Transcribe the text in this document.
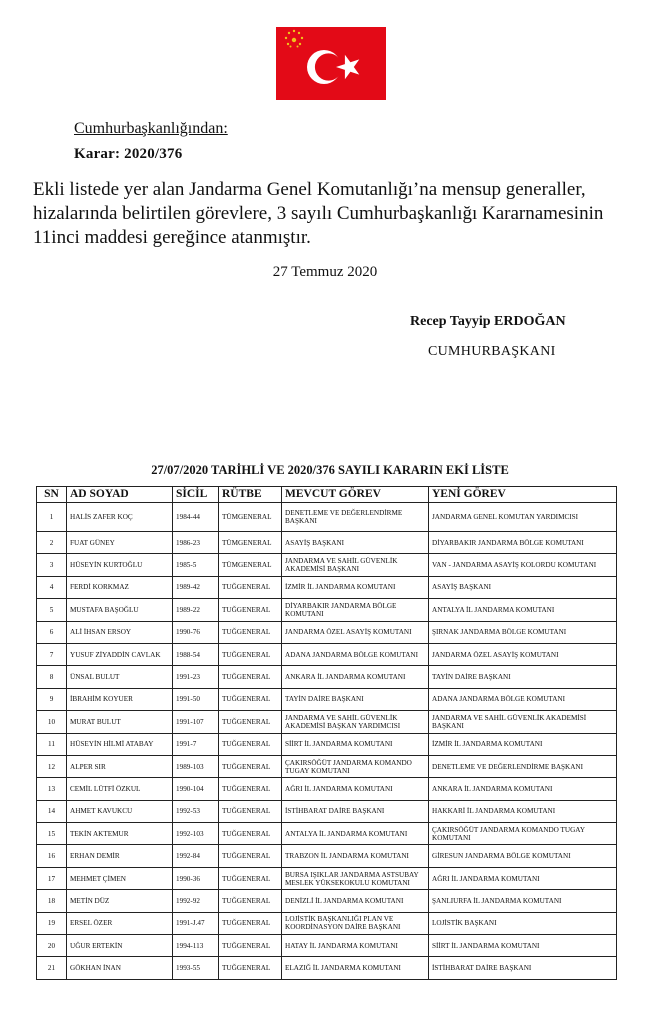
Cumhurbaşkanlığından:
Karar: 2020/376
Ekli listede yer alan Jandarma Genel Komutanlığı’na mensup generaller, hizalarında belirtilen görevlere, 3 sayılı Cumhurbaşkanlığı Kararnamesinin 11inci maddesi gereğince atanmıştır.
27 Temmuz 2020
Recep Tayyip ERDOĞAN
CUMHURBAŞKANI
27/07/2020 TARİHLİ VE 2020/376 SAYILI KARARIN EKİ LİSTE
SN	AD SOYAD	SİCİL	RÜTBE	MEVCUT GÖREV	YENİ GÖREV
1	HALİS ZAFER KOÇ	1984-44	TÜMGENERAL	DENETLEME VE DEĞERLENDİRME BAŞKANI	JANDARMA GENEL KOMUTAN YARDIMCISI
2	FUAT GÜNEY	1986-23	TÜMGENERAL	ASAYİŞ BAŞKANI	DİYARBAKIR JANDARMA BÖLGE KOMUTANI
3	HÜSEYİN KURTOĞLU	1985-5	TÜMGENERAL	JANDARMA VE SAHİL GÜVENLİK AKADEMİSİ BAŞKANI	VAN - JANDARMA ASAYİŞ KOLORDU KOMUTANI
4	FERDİ KORKMAZ	1989-42	TUĞGENERAL	İZMİR İL JANDARMA KOMUTANI	ASAYİŞ BAŞKANI
5	MUSTAFA BAŞOĞLU	1989-22	TUĞGENERAL	DİYARBAKIR JANDARMA BÖLGE KOMUTANI	ANTALYA İL JANDARMA KOMUTANI
6	ALİ İHSAN ERSOY	1990-76	TUĞGENERAL	JANDARMA ÖZEL ASAYİŞ KOMUTANI	ŞIRNAK JANDARMA BÖLGE KOMUTANI
7	YUSUF ZİYADDİN CAVLAK	1988-54	TUĞGENERAL	ADANA JANDARMA BÖLGE KOMUTANI	JANDARMA ÖZEL ASAYİŞ KOMUTANI
8	ÜNSAL BULUT	1991-23	TUĞGENERAL	ANKARA İL JANDARMA KOMUTANI	TAYİN DAİRE BAŞKANI
9	İBRAHİM KOYUER	1991-50	TUĞGENERAL	TAYİN DAİRE BAŞKANI	ADANA JANDARMA BÖLGE KOMUTANI
10	MURAT BULUT	1991-107	TUĞGENERAL	JANDARMA VE SAHİL GÜVENLİK AKADEMİSİ BAŞKAN YARDIMCISI	JANDARMA VE SAHİL GÜVENLİK AKADEMİSİ BAŞKANI
11	HÜSEYİN HİLMİ ATABAY	1991-7	TUĞGENERAL	SİİRT İL JANDARMA KOMUTANI	İZMİR İL JANDARMA KOMUTANI
12	ALPER SIR	1989-103	TUĞGENERAL	ÇAKIRSÖĞÜT JANDARMA KOMANDO TUGAY KOMUTANI	DENETLEME VE DEĞERLENDİRME BAŞKANI
13	CEMİL LÜTFİ ÖZKUL	1990-104	TUĞGENERAL	AĞRI İL JANDARMA KOMUTANI	ANKARA İL JANDARMA KOMUTANI
14	AHMET KAVUKCU	1992-53	TUĞGENERAL	İSTİHBARAT DAİRE BAŞKANI	HAKKARİ İL JANDARMA KOMUTANI
15	TEKİN AKTEMUR	1992-103	TUĞGENERAL	ANTALYA İL JANDARMA KOMUTANI	ÇAKIRSÖĞÜT JANDARMA KOMANDO TUGAY KOMUTANI
16	ERHAN DEMİR	1992-84	TUĞGENERAL	TRABZON İL JANDARMA KOMUTANI	GİRESUN JANDARMA BÖLGE KOMUTANI
17	MEHMET ÇİMEN	1990-36	TUĞGENERAL	BURSA IŞIKLAR JANDARMA ASTSUBAY MESLEK YÜKSEKOKULU KOMUTANI	AĞRI İL JANDARMA KOMUTANI
18	METİN DÜZ	1992-92	TUĞGENERAL	DENİZLİ İL JANDARMA KOMUTANI	ŞANLIURFA İL JANDARMA KOMUTANI
19	ERSEL ÖZER	1991-J.47	TUĞGENERAL	LOJİSTİK BAŞKANLIĞI PLAN VE KOORDİNASYON DAİRE BAŞKANI	LOJİSTİK BAŞKANI
20	UĞUR ERTEKİN	1994-113	TUĞGENERAL	HATAY İL JANDARMA KOMUTANI	SİİRT İL JANDARMA KOMUTANI
21	GÖKHAN İNAN	1993-55	TUĞGENERAL	ELAZIĞ İL JANDARMA KOMUTANI	İSTİHBARAT DAİRE BAŞKANI
